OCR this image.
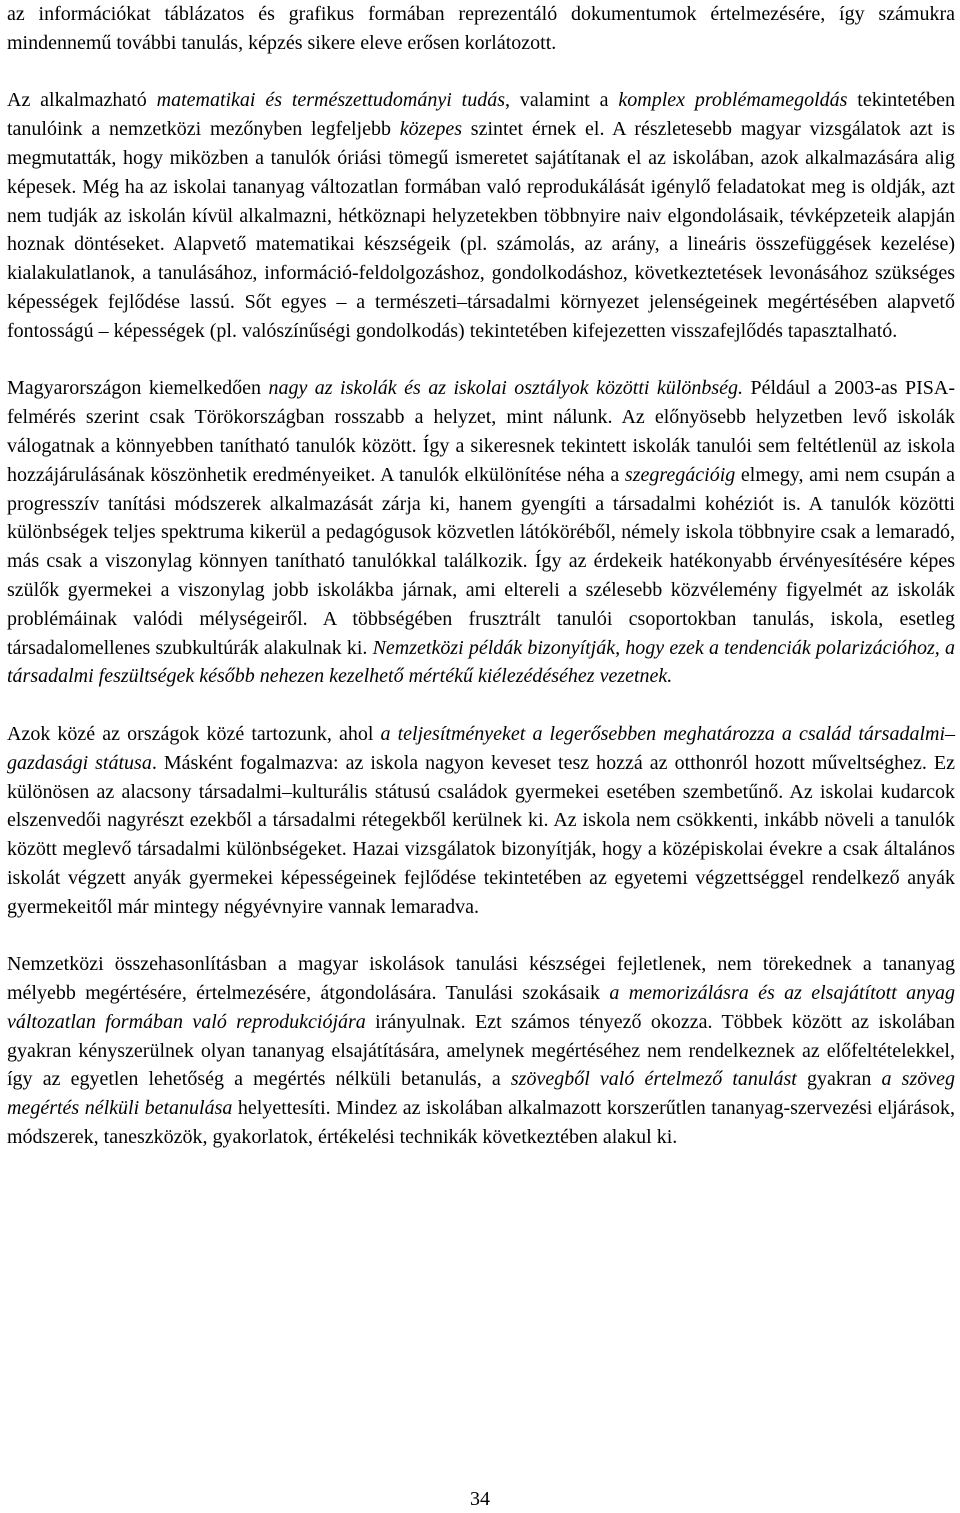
az információkat táblázatos és grafikus formában reprezentáló dokumentumok értelmezésére, így számukra mindennemű további tanulás, képzés sikere eleve erősen korlátozott.

Az alkalmazható matematikai és természettudományi tudás, valamint a komplex problémamegoldás tekintetében tanulóink a nemzetközi mezőnyben legfeljebb közepes szintet érnek el. A részletesebb magyar vizsgálatok azt is megmutatták, hogy miközben a tanulók óriási tömegű ismeretet sajátítanak el az iskolában, azok alkalmazására alig képesek. Még ha az iskolai tananyag változatlan formában való reprodukálását igénylő feladatokat meg is oldják, azt nem tudják az iskolán kívül alkalmazni, hétköznapi helyzetekben többnyire naiv elgondolásaik, tévképzeteik alapján hoznak döntéseket. Alapvető matematikai készségeik (pl. számolás, az arány, a lineáris összefüggések kezelése) kialakulatlanok, a tanulásához, információ-feldolgozáshoz, gondolkodáshoz, következtetések levonásához szükséges képességek fejlődése lassú. Sőt egyes – a természeti–társadalmi környezet jelenségeinek megértésében alapvető fontosságú – képességek (pl. valószínűségi gondolkodás) tekintetében kifejezetten visszafejlődés tapasztalható.

Magyarországon kiemelkedően nagy az iskolák és az iskolai osztályok közötti különbség. Például a 2003-as PISA-felmérés szerint csak Törökországban rosszabb a helyzet, mint nálunk. Az előnyösebb helyzetben levő iskolák válogatnak a könnyebben tanítható tanulók között. Így a sikeresnek tekintett iskolák tanulói sem feltétlenül az iskola hozzájárulásának köszönhetik eredményeiket. A tanulók elkülönítése néha a szegregációig elmegy, ami nem csupán a progresszív tanítási módszerek alkalmazását zárja ki, hanem gyengíti a társadalmi kohéziót is. A tanulók közötti különbségek teljes spektruma kikerül a pedagógusok közvetlen látóköréből, némely iskola többnyire csak a lemaradó, más csak a viszonylag könnyen tanítható tanulókkal találkozik. Így az érdekeik hatékonyabb érvényesítésére képes szülők gyermekei a viszonylag jobb iskolákba járnak, ami eltereli a szélesebb közvélemény figyelmét az iskolák problémáinak valódi mélységeiről. A többségében frusztrált tanulói csoportokban tanulás, iskola, esetleg társadalomellenes szubkultúrák alakulnak ki. Nemzetközi példák bizonyítják, hogy ezek a tendenciák polarizációhoz, a társadalmi feszültségek később nehezen kezelhető mértékű kiélezédéséhez vezetnek.

Azok közé az országok közé tartozunk, ahol a teljesítményeket a legerősebben meghatározza a család társadalmi–gazdasági státusa. Másként fogalmazva: az iskola nagyon keveset tesz hozzá az otthonról hozott műveltséghez. Ez különösen az alacsony társadalmi–kulturális státusú családok gyermekei esetében szembetűnő. Az iskolai kudarcok elszenvedői nagyrészt ezekből a társadalmi rétegekből kerülnek ki. Az iskola nem csökkenti, inkább növeli a tanulók között meglevő társadalmi különbségeket. Hazai vizsgálatok bizonyítják, hogy a középiskolai évekre a csak általános iskolát végzett anyák gyermekei képességeinek fejlődése tekintetében az egyetemi végzettséggel rendelkező anyák gyermekeitől már mintegy négyévnyire vannak lemaradva.

Nemzetközi összehasonlításban a magyar iskolások tanulási készségei fejletlenek, nem törekednek a tananyag mélyebb megértésére, értelmezésére, átgondolására. Tanulási szokásaik a memorizálásra és az elsajátított anyag változatlan formában való reprodukciójára irányulnak. Ezt számos tényező okozza. Többek között az iskolában gyakran kényszerülnek olyan tananyag elsajátítására, amelynek megértéséhez nem rendelkeznek az előfeltételekkel, így az egyetlen lehetőség a megértés nélküli betanulás, a szövegből való értelmező tanulást gyakran a szöveg megértés nélküli betanulása helyettesíti. Mindez az iskolában alkalmazott korszerűtlen tananyag-szervezési eljárások, módszerek, taneszközök, gyakorlatok, értékelési technikák következtében alakul ki.

34
